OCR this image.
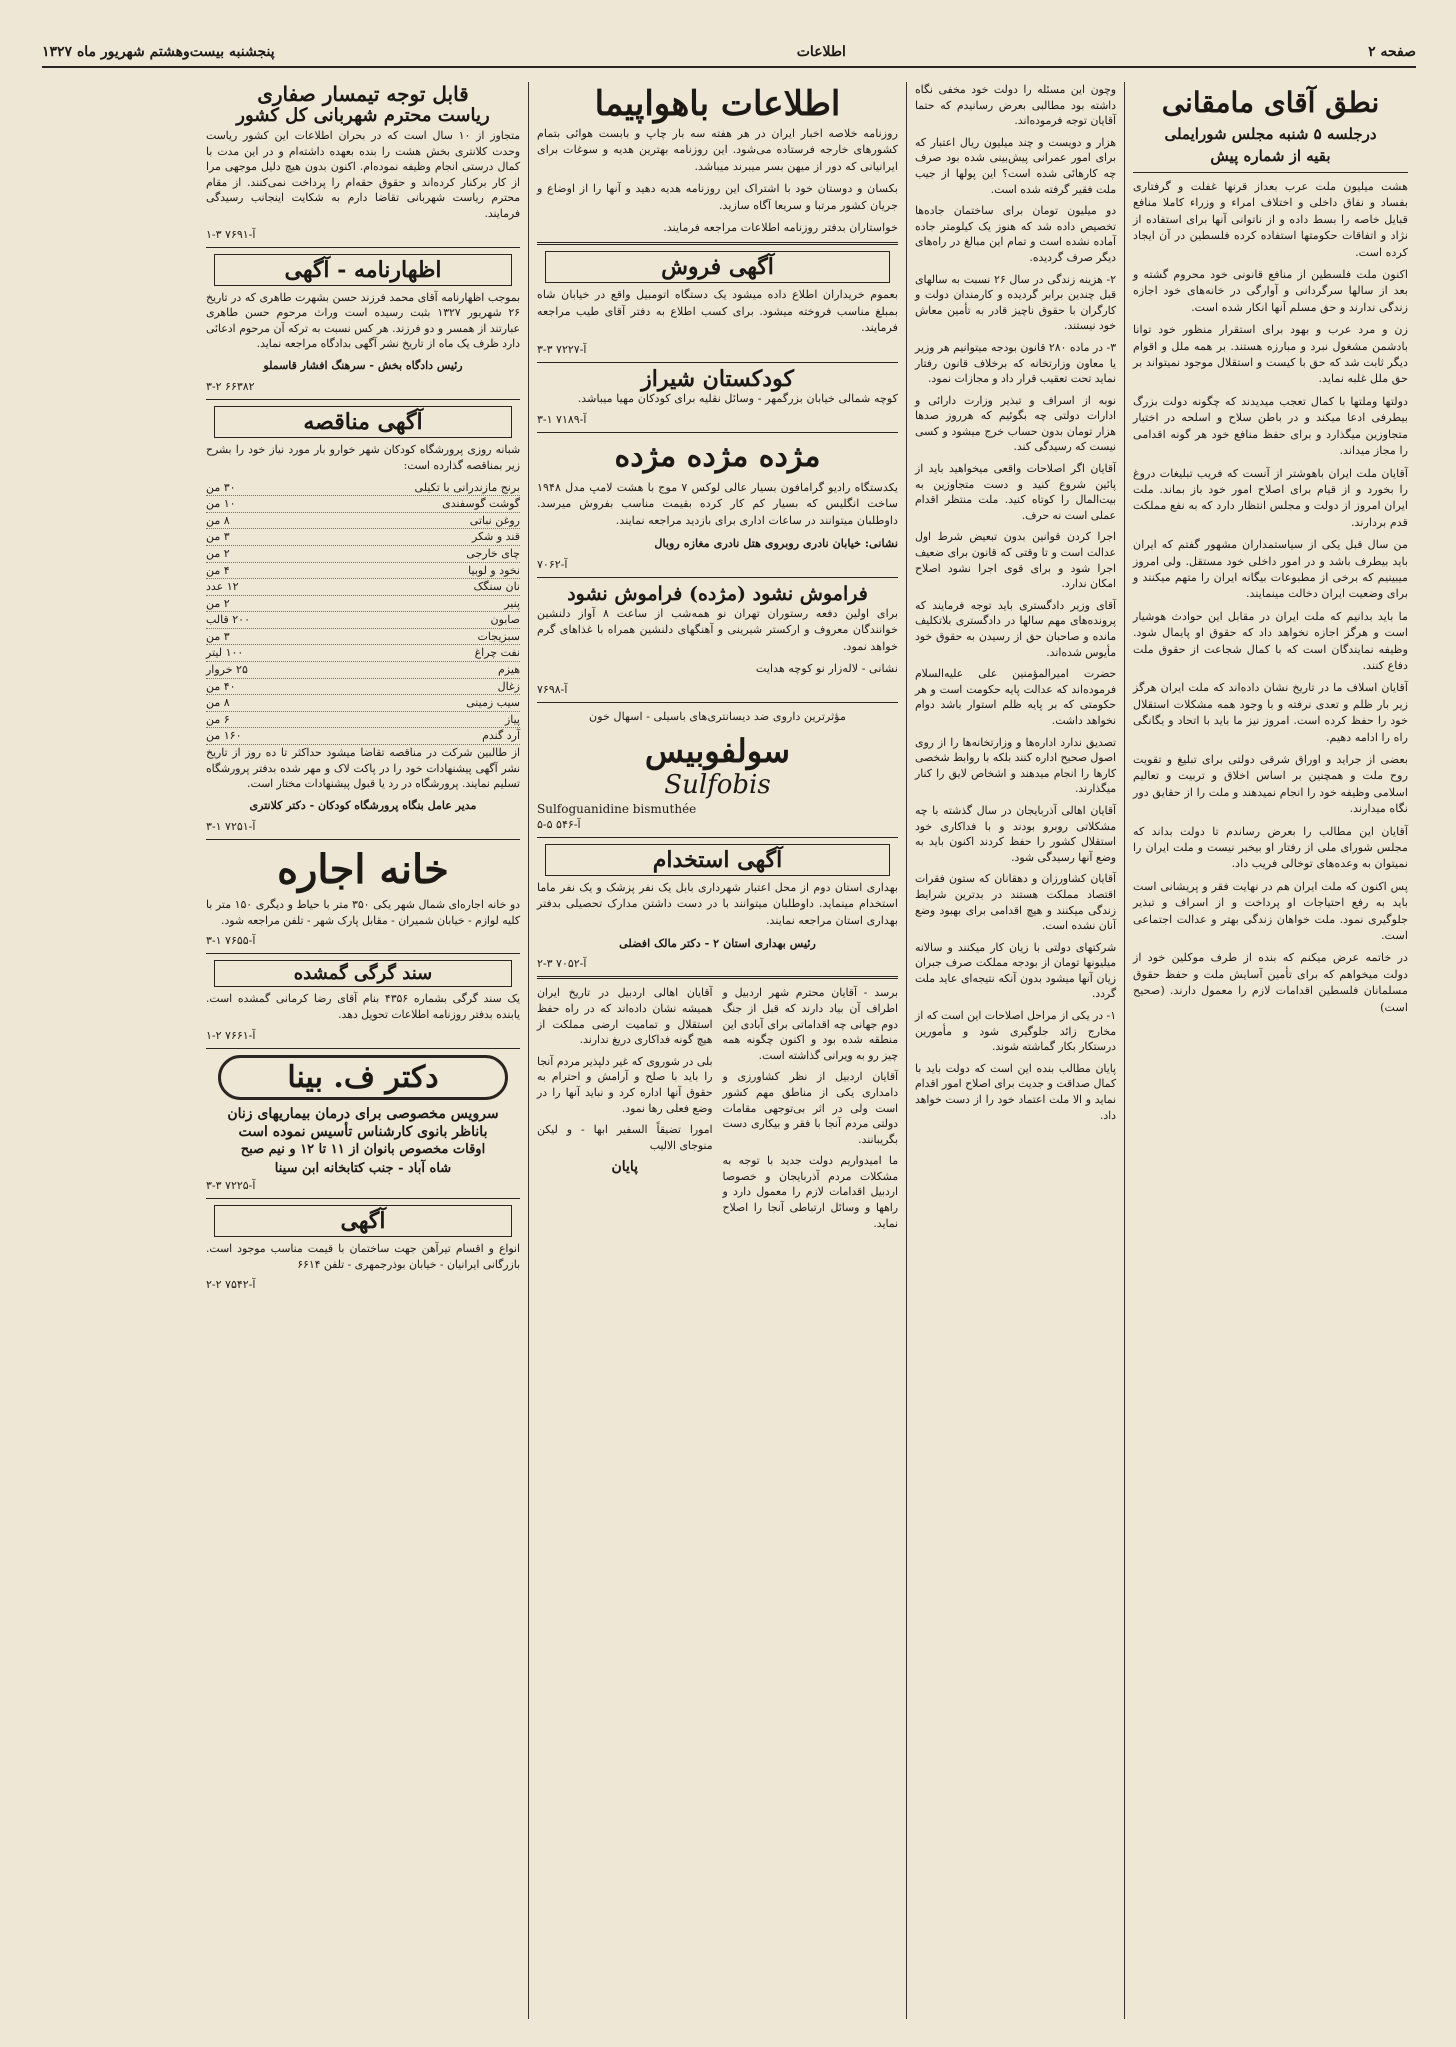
صفحه ۲
اطلاعات
پنجشنبه بیست‌وهشتم شهریور ماه ۱۳۲۷
نطق آقای مامقانی
درجلسه ۵ شنبه مجلس شورایملی
بقیه از شماره پیش

هشت میلیون ملت عرب بعداز قرنها غفلت و گرفتاری بفساد و نفاق داخلی و اختلاف امراء و وزراء کاملا منافع قبایل خاصه را بسط داده و از ناتوانی آنها برای استفاده از نژاد و اتفاقات حکومتها استفاده کرده فلسطین در آن ایجاد کرده است.

اکنون ملت فلسطین از منافع قانونی خود محروم گشته و بعد از سالها سرگردانی و آوارگی در خانه‌های خود اجازه زندگی ندارند و حق مسلم آنها انکار شده است.

زن و مرد عرب و بهود برای استقرار منظور خود توانا بادشمن مشغول نبرد و مبارزه هستند. بر همه ملل و اقوام دیگر ثابت شد که حق با کیست و استقلال موجود نمیتواند بر حق ملل غلبه نماید.

دولتها وملتها با کمال تعجب میدیدند که چگونه دولت بزرگ بیطرفی ادعا میکند و در باطن سلاح و اسلحه در اختیار متجاوزین میگذارد و برای حفظ منافع خود هر گونه اقدامی را مجاز میداند.

آقایان ملت ایران باهوشتر از آنست که فریب تبلیغات دروغ را بخورد و از قیام برای اصلاح امور خود باز بماند. ملت ایران امروز از دولت و مجلس انتظار دارد که به نفع مملکت قدم بردارند.

من سال قبل یکی از سیاستمداران مشهور گفتم که ایران باید بیطرف باشد و در امور داخلی خود مستقل. ولی امروز میبینیم که برخی از مطبوعات بیگانه ایران را متهم میکنند و برای وضعیت ایران دخالت مینمایند.

ما باید بدانیم که ملت ایران در مقابل این حوادث هوشیار است و هرگز اجازه نخواهد داد که حقوق او پایمال شود. وظیفه نمایندگان است که با کمال شجاعت از حقوق ملت دفاع کنند.

آقایان اسلاف ما در تاریخ نشان داده‌اند که ملت ایران هرگز زیر بار ظلم و تعدی نرفته و با وجود همه مشکلات استقلال خود را حفظ کرده است. امروز نیز ما باید با اتحاد و یگانگی راه را ادامه دهیم.

بعضی از جراید و اوراق شرقی دولتی برای تبلیغ و تقویت روح ملت و همچنین بر اساس اخلاق و تربیت و تعالیم اسلامی وظیفه خود را انجام نمیدهند و ملت را از حقایق دور نگاه میدارند.

آقایان این مطالب را بعرض رساندم تا دولت بداند که مجلس شورای ملی از رفتار او بیخبر نیست و ملت ایران را نمیتوان به وعده‌های توخالی فریب داد.

پس اکنون که ملت ایران هم در نهایت فقر و پریشانی است باید به رفع احتیاجات او پرداخت و از اسراف و تبذیر جلوگیری نمود. ملت خواهان زندگی بهتر و عدالت اجتماعی است.

در خاتمه عرض میکنم که بنده از طرف موکلین خود از دولت میخواهم که برای تأمین آسایش ملت و حفظ حقوق مسلمانان فلسطین اقدامات لازم را معمول دارند. (صحیح است)

وچون این مسئله را دولت خود مخفی نگاه داشته بود مطالبی بعرض رسانیدم که حتما آقایان توجه فرموده‌اند.

هزار و دویست و چند میلیون ریال اعتبار که برای امور عمرانی پیش‌بینی شده بود صرف چه کارهائی شده است؟ این پولها از جیب ملت فقیر گرفته شده است.

دو میلیون تومان برای ساختمان جاده‌ها تخصیص داده شد که هنوز یک کیلومتر جاده آماده نشده است و تمام این مبالغ در راه‌های دیگر صرف گردیده.

۲- هزینه زندگی در سال ۲۶ نسبت به سالهای قبل چندین برابر گردیده و کارمندان دولت و کارگران با حقوق ناچیز قادر به تأمین معاش خود نیستند.

۳- در ماده ۲۸۰ قانون بودجه میتوانیم هر وزیر یا معاون وزارتخانه که برخلاف قانون رفتار نماید تحت تعقیب قرار داد و مجازات نمود.

نوبه از اسراف و تبذیر وزارت دارائی و ادارات دولتی چه بگوئیم که هرروز صدها هزار تومان بدون حساب خرج میشود و کسی نیست که رسیدگی کند.

آقایان اگر اصلاحات واقعی میخواهید باید از پائین شروع کنید و دست متجاوزین به بیت‌المال را کوتاه کنید. ملت منتظر اقدام عملی است نه حرف.

اجرا کردن قوانین بدون تبعیض شرط اول عدالت است و تا وقتی که قانون برای ضعیف اجرا شود و برای قوی اجرا نشود اصلاح امکان ندارد.

آقای وزیر دادگستری باید توجه فرمایند که پرونده‌های مهم سالها در دادگستری بلاتکلیف مانده و صاحبان حق از رسیدن به حقوق خود مأیوس شده‌اند.

حضرت امیرالمؤمنین علی علیه‌السلام فرموده‌اند که عدالت پایه حکومت است و هر حکومتی که بر پایه ظلم استوار باشد دوام نخواهد داشت.

تصدیق ندارد اداره‌ها و وزارتخانه‌ها را از روی اصول صحیح اداره کنند بلکه با روابط شخصی کارها را انجام میدهند و اشخاص لایق را کنار میگذارند.

آقایان اهالی آذربایجان در سال گذشته با چه مشکلاتی روبرو بودند و با فداکاری خود استقلال کشور را حفظ کردند اکنون باید به وضع آنها رسیدگی شود.

آقایان کشاورزان و دهقانان که ستون فقرات اقتصاد مملکت هستند در بدترین شرایط زندگی میکنند و هیچ اقدامی برای بهبود وضع آنان نشده است.

شرکتهای دولتی با زیان کار میکنند و سالانه میلیونها تومان از بودجه مملکت صرف جبران زیان آنها میشود بدون آنکه نتیجه‌ای عاید ملت گردد.

۱- در یکی از مراحل اصلاحات این است که از مخارج زائد جلوگیری شود و مأمورین درستکار بکار گماشته شوند.

پایان مطالب بنده این است که دولت باید با کمال صداقت و جدیت برای اصلاح امور اقدام نماید و الا ملت اعتماد خود را از دست خواهد داد.

اطلاعات باهواپیما

روزنامه خلاصه اخبار ایران در هر هفته سه بار چاپ و بابست هوائی بتمام کشورهای خارجه فرستاده می‌شود. این روزنامه بهترین هدیه و سوغات برای ایرانیانی که دور از میهن بسر میبرند میباشد.

بکسان و دوستان خود با اشتراک این روزنامه هدیه دهید و آنها را از اوضاع و جریان کشور مرتبا و سریعا آگاه سازید.

خواستاران بدفتر روزنامه اطلاعات مراجعه فرمایند.

آگهی فروش

بعموم خریداران اطلاع داده میشود یک دستگاه اتومبیل واقع در خیابان شاه بمبلغ مناسب فروخته میشود. برای کسب اطلاع به دفتر آقای طیب مراجعه فرمایند.

۳-۳ آ-۷۲۲۷
کودکستان شیراز

کوچه شمالی خیابان بزرگمهر - وسائل نقلیه برای کودکان مهیا میباشد.

۳-۱ آ-۷۱۸۹
مژده مژده مژده

یکدستگاه رادیو گرامافون بسیار عالی لوکس ۷ موج با هشت لامپ مدل ۱۹۴۸ ساخت انگلیس که بسیار کم کار کرده بقیمت مناسب بفروش میرسد. داوطلبان میتوانند در ساعات اداری برای بازدید مراجعه نمایند.

نشانی: خیابان نادری روبروی هتل نادری مغازه روبال

آ-۷۰۶۲
فراموش نشود (مژده) فراموش نشود

برای اولین دفعه رستوران تهران نو همه‌شب از ساعت ۸ آواز دلنشین خوانندگان معروف و ارکستر شیرینی و آهنگهای دلنشین همراه با غذاهای گرم خواهد نمود.

نشانی - لاله‌زار نو کوچه هدایت

آ-۷۶۹۸

مؤثرترین داروی ضد دیسانتری‌های باسیلی - اسهال خون

سولفوبیس
Sulfobis
Sulfoguanidine bismuthée
۵-۵ آ-۵۴۶
آگهی استخدام

بهداری استان دوم از محل اعتبار شهرداری بابل یک نفر پزشک و یک نفر ماما استخدام مینماید. داوطلبان میتوانند با در دست داشتن مدارک تحصیلی بدفتر بهداری استان مراجعه نمایند.

رئیس بهداری استان ۲ - دکتر مالک افضلی

۲-۳ آ-۷۰۵۲

برسد - آقایان محترم شهر اردبیل و اطراف آن بیاد دارند که قبل از جنگ دوم جهانی چه اقداماتی برای آبادی این منطقه شده بود و اکنون چگونه همه چیز رو به ویرانی گذاشته است.

آقایان اردبیل از نظر کشاورزی و دامداری یکی از مناطق مهم کشور است ولی در اثر بی‌توجهی مقامات دولتی مردم آنجا با فقر و بیکاری دست بگریبانند.

ما امیدواریم دولت جدید با توجه به مشکلات مردم آذربایجان و خصوصا اردبیل اقدامات لازم را معمول دارد و راهها و وسائل ارتباطی آنجا را اصلاح نماید.

آقایان اهالی اردبیل در تاریخ ایران همیشه نشان داده‌اند که در راه حفظ استقلال و تمامیت ارضی مملکت از هیچ گونه فداکاری دریغ ندارند.

بلی در شوروی که غیر دلپذیر مردم آنجا را باید با صلح و آرامش و احترام به حقوق آنها اداره کرد و نباید آنها را در وضع فعلی رها نمود.

امورا تضیقاً السفیر ابها - و لیکن منوجای الالیب

پایان
قابل توجه تیمسار صفاری
ریاست محترم شهربانی کل کشور

متجاوز از ۱۰ سال است که در بحران اطلاعات این کشور ریاست وحدت کلانتری بخش هشت را بنده بعهده داشته‌ام و در این مدت با کمال درستی انجام وظیفه نموده‌ام. اکنون بدون هیچ دلیل موجهی مرا از کار برکنار کرده‌اند و حقوق حقه‌ام را پرداخت نمی‌کنند. از مقام محترم ریاست شهربانی تقاضا دارم به شکایت اینجانب رسیدگی فرمایند.

۱-۳ آ-۷۶۹۱
اظهارنامه - آگهی

بموجب اظهارنامه آقای محمد فرزند حسن بشهرت طاهری که در تاریخ ۲۶ شهریور ۱۳۲۷ بثبت رسیده است وراث مرحوم حسن طاهری عبارتند از همسر و دو فرزند. هر کس نسبت به ترکه آن مرحوم ادعائی دارد ظرف یک ماه از تاریخ نشر آگهی بدادگاه مراجعه نماید.

رئیس دادگاه بخش - سرهنگ افشار قاسملو

۳-۲ ۶۶۳۸۲
آگهی مناقصه

شبانه روزی پرورشگاه کودکان شهر خوارو بار مورد نیاز خود را بشرح زیر بمناقصه گذارده است:

برنج مازندرانی با تکیلی
۳۰ من
گوشت گوسفندی
۱۰ من
روغن نباتی
۸ من
قند و شکر
۳ من
چای خارجی
۲ من
نخود و لوبیا
۴ من
نان سنگک
۱۲ عدد
پنیر
۲ من
صابون
۲۰۰ قالب
سبزیجات
۳ من
نفت چراغ
۱۰۰ لیتر
هیزم
۲۵ خروار
زغال
۴۰ من
سیب زمینی
۸ من
پیاز
۶ من
آرد گندم
۱۶۰ من

از طالبین شرکت در مناقصه تقاضا میشود حداکثر تا ده روز از تاریخ نشر آگهی پیشنهادات خود را در پاکت لاک و مهر شده بدفتر پرورشگاه تسلیم نمایند. پرورشگاه در رد یا قبول پیشنهادات مختار است.

مدیر عامل بنگاه پرورشگاه کودکان - دکتر کلانتری

۳-۱ آ-۷۲۵۱
خانه اجاره

دو خانه اجاره‌ای شمال شهر یکی ۳۵۰ متر با حیاط و دیگری ۱۵۰ متر با کلیه لوازم - خیابان شمیران - مقابل پارک شهر - تلفن مراجعه شود.

۳-۱ آ-۷۶۵۵
سند گرگی گمشده

یک سند گرگی بشماره ۴۳۵۶ بنام آقای رضا کرمانی گمشده است. یابنده بدفتر روزنامه اطلاعات تحویل دهد.

۱-۲ آ-۷۶۶۱
دکتر ف. بینا

سرویس مخصوصی برای درمان بیماریهای زنان

باناظر بانوی کارشناس تأسیس نموده است

اوقات مخصوص بانوان از ۱۱ تا ۱۲ و نیم صبح

شاه آباد - جنب کتابخانه ابن سینا

۳-۳ آ-۷۲۲۵
آگهی

انواع و اقسام تیرآهن جهت ساختمان با قیمت مناسب موجود است. بازرگانی ایرانیان - خیابان بوذرجمهری - تلفن ۶۶۱۴

۲-۲ آ-۷۵۴۲
